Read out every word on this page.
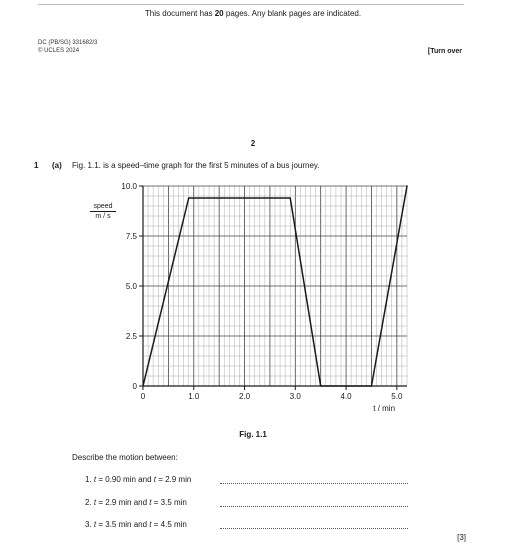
This document has 20 pages. Any blank pages are indicated.
DC (PB/SG) 331682/3
© UCLES 2024	[Turn over
2
1 (a) Fig. 1.1. is a speed–time graph for the first 5 minutes of a bus journey.
speed
m / s
0	1.0	2.0	3.0	4.0	5.0
0
2.5
5.0
7.5
10.0
t / min
Fig. 1.1
Describe the motion between:
1. t = 0.90 min and t = 2.9 min
2. t = 2.9 min and t = 3.5 min
3. t = 3.5 min and t = 4.5 min
[3]
